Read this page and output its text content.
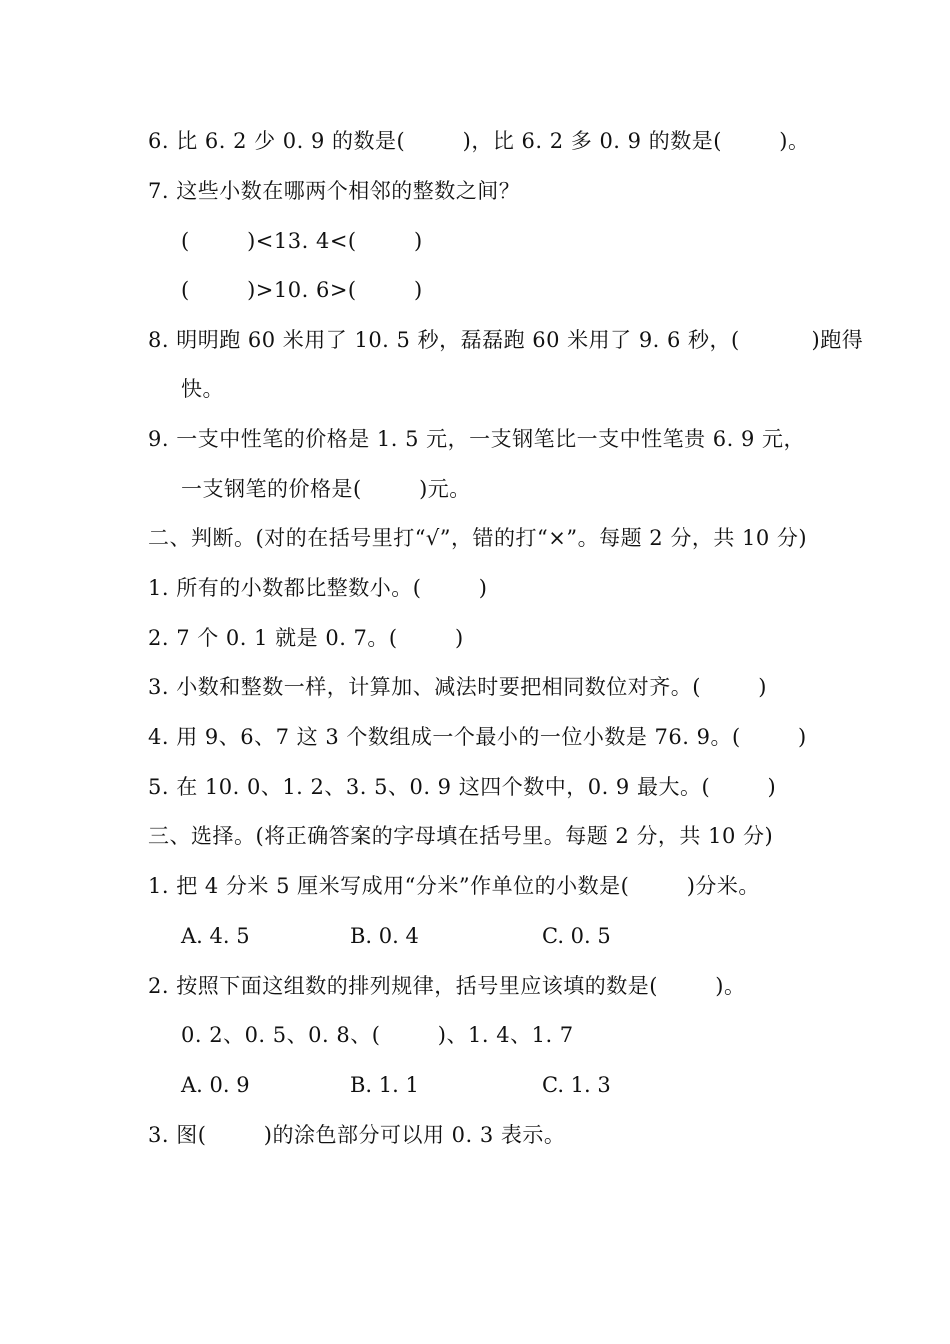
6. 比 6. 2 少 0. 9 的数是(        )，比 6. 2 多 0. 9 的数是(        )。
7. 这些小数在哪两个相邻的整数之间？
(        )<13. 4<(        )
(        )>10. 6>(        )
8. 明明跑 60 米用了 10. 5 秒，磊磊跑 60 米用了 9. 6 秒，(          )跑得
快。
9. 一支中性笔的价格是 1. 5 元，一支钢笔比一支中性笔贵 6. 9 元，
一支钢笔的价格是(        )元。
二、判断。(对的在括号里打“√”，错的打“×”。每题 2 分，共 10 分)
1. 所有的小数都比整数小。(        )
2. 7 个 0. 1 就是 0. 7。(        )
3. 小数和整数一样，计算加、减法时要把相同数位对齐。(        )
4. 用 9、6、7 这 3 个数组成一个最小的一位小数是 76. 9。(        )
5. 在 10. 0、1. 2、3. 5、0. 9 这四个数中，0. 9 最大。(        )
三、选择。(将正确答案的字母填在括号里。每题 2 分，共 10 分)
1. 把 4 分米 5 厘米写成用“分米”作单位的小数是(        )分米。
A. 4. 5	B. 0. 4	C. 0. 5
2. 按照下面这组数的排列规律，括号里应该填的数是(        )。
0. 2、0. 5、0. 8、(        )、1. 4、1. 7
A. 0. 9	B. 1. 1	C. 1. 3
3. 图(        )的涂色部分可以用 0. 3 表示。
